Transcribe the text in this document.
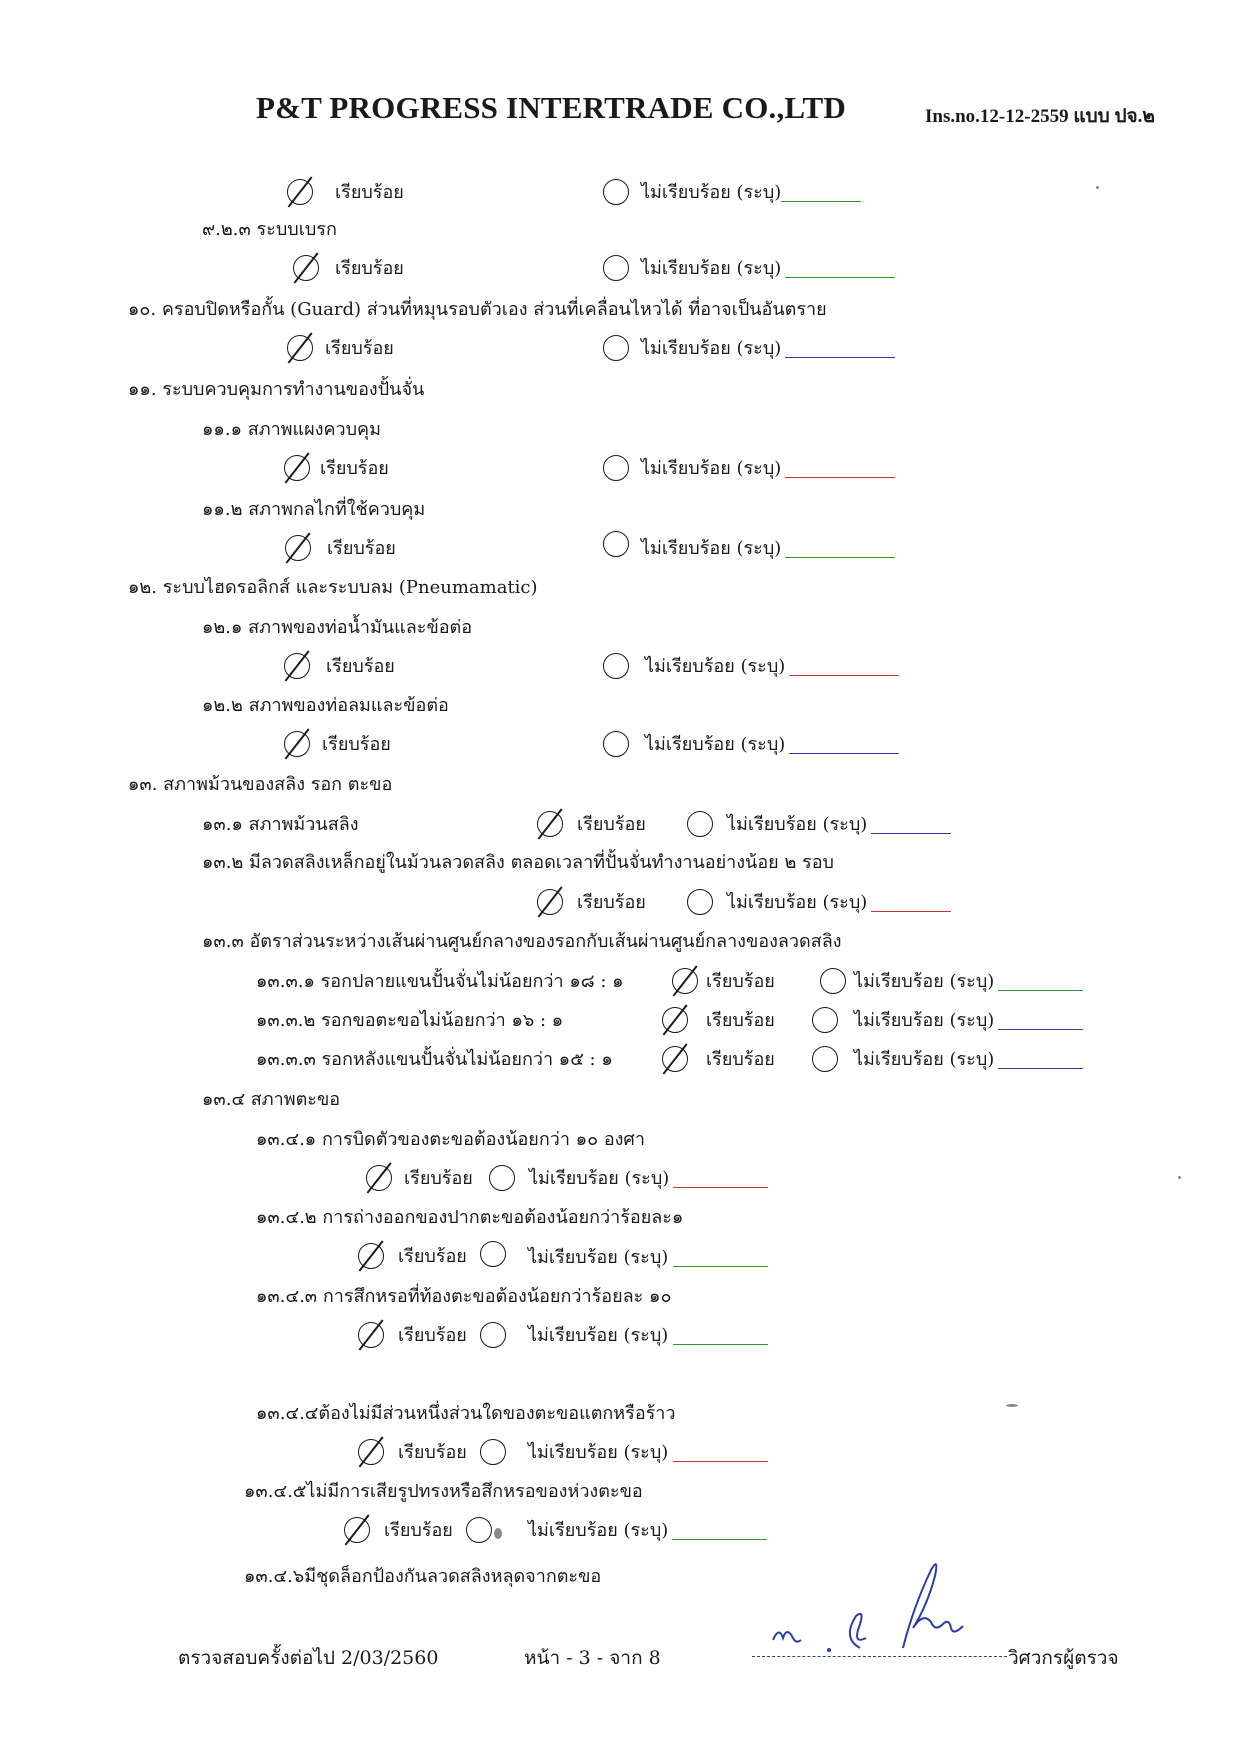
P&T PROGRESS INTERTRADE CO.,LTD	Ins.no.12-12-2559 แบบ ปจ.๒
เรียบร้อย	ไม่เรียบร้อย (ระบุ)
๙.๒.๓ ระบบเบรก
เรียบร้อย	ไม่เรียบร้อย (ระบุ)
๑๐. ครอบปิดหรือกั้น (Guard) ส่วนที่หมุนรอบตัวเอง ส่วนที่เคลื่อนไหวได้ ที่อาจเป็นอันตราย
เรียบร้อย	ไม่เรียบร้อย (ระบุ)
๑๑. ระบบควบคุมการทำงานของปั้นจั่น
๑๑.๑ สภาพแผงควบคุม
เรียบร้อย	ไม่เรียบร้อย (ระบุ)
๑๑.๒ สภาพกลไกที่ใช้ควบคุม
เรียบร้อย	ไม่เรียบร้อย (ระบุ)
๑๒. ระบบไฮดรอลิกส์ และระบบลม (Pneumamatic)
๑๒.๑ สภาพของท่อน้ำมันและข้อต่อ
เรียบร้อย	ไม่เรียบร้อย (ระบุ)
๑๒.๒ สภาพของท่อลมและข้อต่อ
เรียบร้อย	ไม่เรียบร้อย (ระบุ)
๑๓. สภาพม้วนของสลิง รอก ตะขอ
๑๓.๑ สภาพม้วนสลิง	เรียบร้อย	ไม่เรียบร้อย (ระบุ)
๑๓.๒ มีลวดสลิงเหล็กอยู่ในม้วนลวดสลิง ตลอดเวลาที่ปั้นจั่นทำงานอย่างน้อย ๒ รอบ
เรียบร้อย	ไม่เรียบร้อย (ระบุ)
๑๓.๓ อัตราส่วนระหว่างเส้นผ่านศูนย์กลางของรอกกับเส้นผ่านศูนย์กลางของลวดสลิง
๑๓.๓.๑ รอกปลายแขนปั้นจั่นไม่น้อยกว่า ๑๘ : ๑	เรียบร้อย	ไม่เรียบร้อย (ระบุ)
๑๓.๓.๒ รอกขอตะขอไม่น้อยกว่า ๑๖ : ๑	เรียบร้อย	ไม่เรียบร้อย (ระบุ)
๑๓.๓.๓ รอกหลังแขนปั้นจั่นไม่น้อยกว่า ๑๕ : ๑	เรียบร้อย	ไม่เรียบร้อย (ระบุ)
๑๓.๔ สภาพตะขอ
๑๓.๔.๑ การบิดตัวของตะขอต้องน้อยกว่า ๑๐ องศา
เรียบร้อย	ไม่เรียบร้อย (ระบุ)
๑๓.๔.๒ การถ่างออกของปากตะขอต้องน้อยกว่าร้อยละ๑
เรียบร้อย	ไม่เรียบร้อย (ระบุ)
๑๓.๔.๓ การสึกหรอที่ท้องตะขอต้องน้อยกว่าร้อยละ ๑๐
เรียบร้อย	ไม่เรียบร้อย (ระบุ)
๑๓.๔.๔ต้องไม่มีส่วนหนึ่งส่วนใดของตะขอแตกหรือร้าว
เรียบร้อย	ไม่เรียบร้อย (ระบุ)
๑๓.๔.๕ไม่มีการเสียรูปทรงหรือสึกหรอของห่วงตะขอ
เรียบร้อย	ไม่เรียบร้อย (ระบุ)
๑๓.๔.๖มีชุดล็อกป้องกันลวดสลิงหลุดจากตะขอ
ตรวจสอบครั้งต่อไป 2/03/2560	หน้า - 3 - จาก 8	วิศวกรผู้ตรวจ
